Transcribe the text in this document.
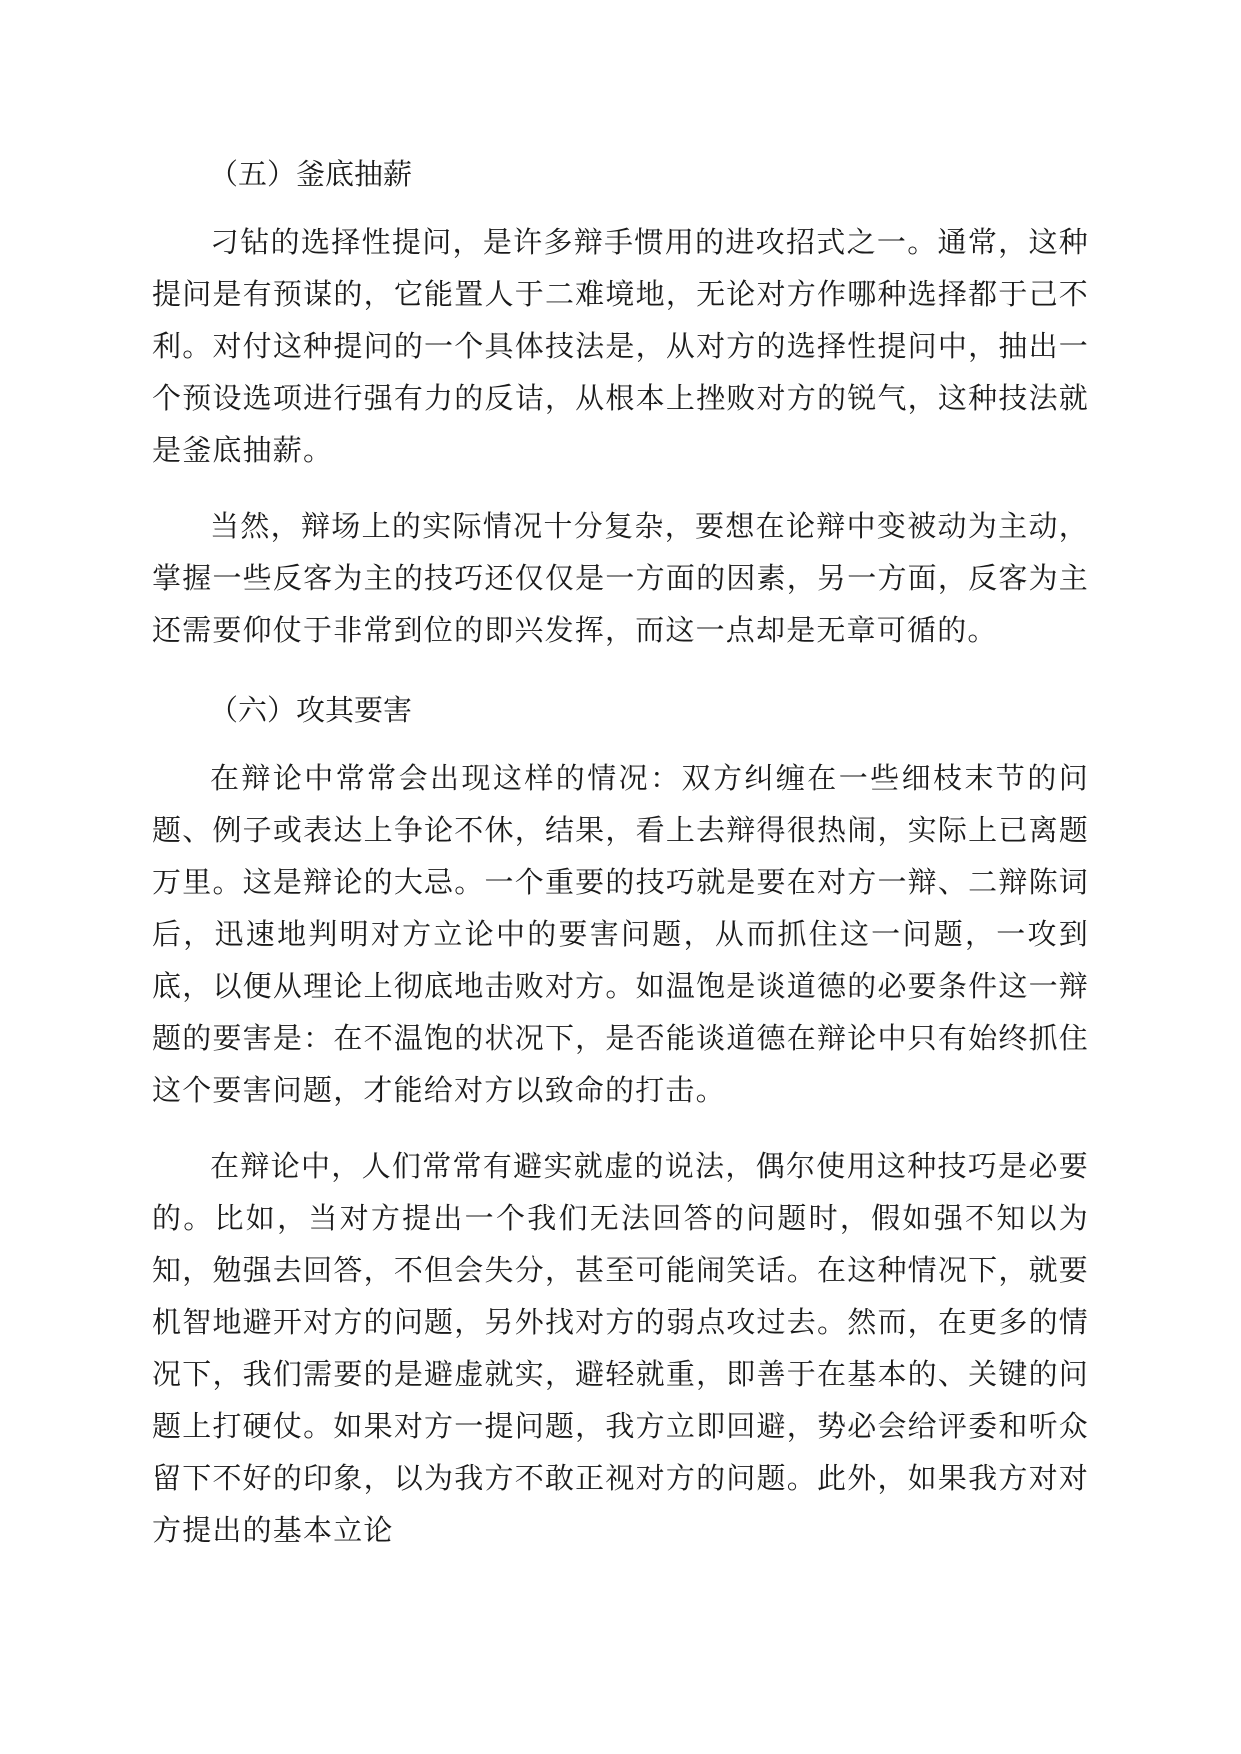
（五）釜底抽薪

刁钻的选择性提问，是许多辩手惯用的进攻招式之一。通常，这种提问是有预谋的，它能置人于二难境地，无论对方作哪种选择都于己不利。对付这种提问的一个具体技法是，从对方的选择性提问中，抽出一个预设选项进行强有力的反诘，从根本上挫败对方的锐气，这种技法就是釜底抽薪。

当然，辩场上的实际情况十分复杂，要想在论辩中变被动为主动，掌握一些反客为主的技巧还仅仅是一方面的因素，另一方面，反客为主还需要仰仗于非常到位的即兴发挥，而这一点却是无章可循的。

（六）攻其要害

在辩论中常常会出现这样的情况：双方纠缠在一些细枝末节的问题、例子或表达上争论不休，结果，看上去辩得很热闹，实际上已离题万里。这是辩论的大忌。一个重要的技巧就是要在对方一辩、二辩陈词后，迅速地判明对方立论中的要害问题，从而抓住这一问题，一攻到底，以便从理论上彻底地击败对方。如温饱是谈道德的必要条件这一辩题的要害是：在不温饱的状况下，是否能谈道德在辩论中只有始终抓住这个要害问题，才能给对方以致命的打击。

在辩论中，人们常常有避实就虚的说法，偶尔使用这种技巧是必要的。比如，当对方提出一个我们无法回答的问题时，假如强不知以为知，勉强去回答，不但会失分，甚至可能闹笑话。在这种情况下，就要机智地避开对方的问题，另外找对方的弱点攻过去。然而，在更多的情况下，我们需要的是避虚就实，避轻就重，即善于在基本的、关键的问题上打硬仗。如果对方一提问题，我方立即回避，势必会给评委和听众留下不好的印象，以为我方不敢正视对方的问题。此外，如果我方对对方提出的基本立论
